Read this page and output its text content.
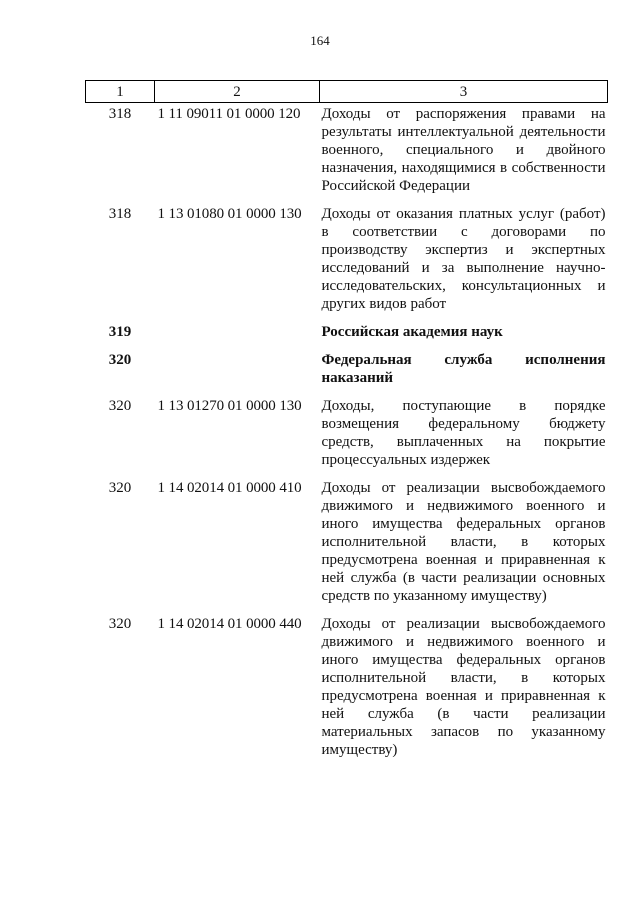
164
1	2	3
318	1 11 09011 01 0000 120	Доходы от распоряжения правами на результаты интеллектуальной деятельности военного, специального и двойного назначения, находящимися в собственности Российской Федерации
318	1 13 01080 01 0000 130	Доходы от оказания платных услуг (работ) в соответствии с договорами по производству экспертиз и экспертных исследований и за выполнение научно-исследовательских, консультационных и других видов работ
319		Российская академия наук
320		Федеральная служба исполнения наказаний
320	1 13 01270 01 0000 130	Доходы, поступающие в порядке возмещения федеральному бюджету средств, выплаченных на покрытие процессуальных издержек
320	1 14 02014 01 0000 410	Доходы от реализации высвобождаемого движимого и недвижимого военного и иного имущества федеральных органов исполнительной власти, в которых предусмотрена военная и приравненная к ней служба (в части реализации основных средств по указанному имуществу)
320	1 14 02014 01 0000 440	Доходы от реализации высвобождаемого движимого и недвижимого военного и иного имущества федеральных органов исполнительной власти, в которых предусмотрена военная и приравненная к ней служба (в части реализации материальных запасов по указанному имуществу)
